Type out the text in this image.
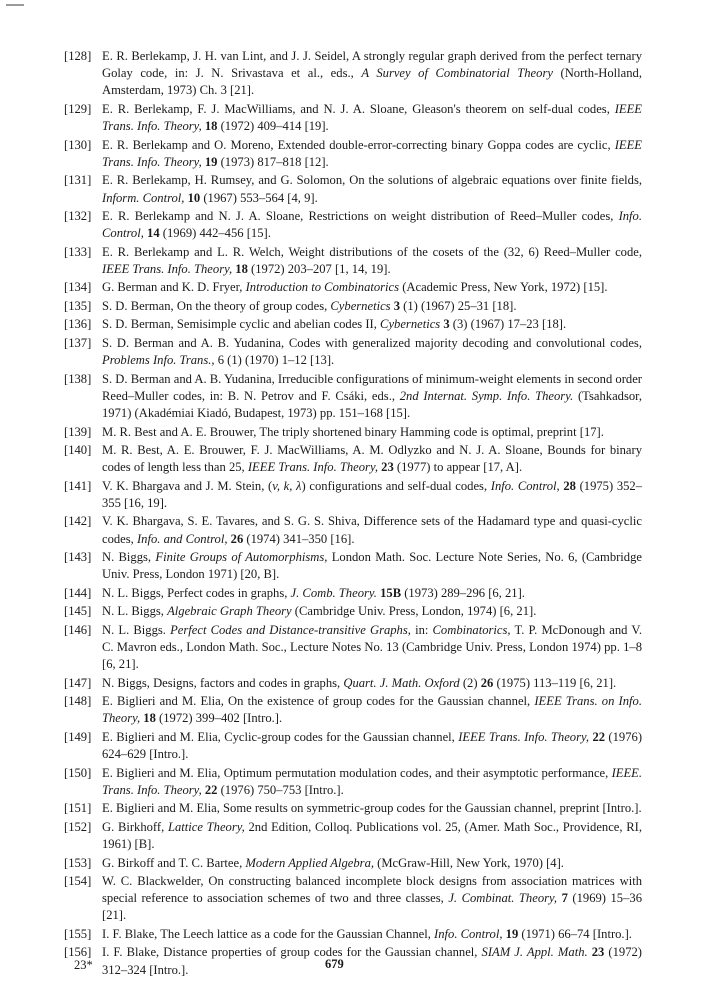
[128] E. R. Berlekamp, J. H. van Lint, and J. J. Seidel, A strongly regular graph derived from the perfect ternary Golay code, in: J. N. Srivastava et al., eds., A Survey of Combinatorial Theory (North-Holland, Amsterdam, 1973) Ch. 3 [21].
[129] E. R. Berlekamp, F. J. MacWilliams, and N. J. A. Sloane, Gleason's theorem on self-dual codes, IEEE Trans. Info. Theory, 18 (1972) 409–414 [19].
[130] E. R. Berlekamp and O. Moreno, Extended double-error-correcting binary Goppa codes are cyclic, IEEE Trans. Info. Theory, 19 (1973) 817–818 [12].
[131] E. R. Berlekamp, H. Rumsey, and G. Solomon, On the solutions of algebraic equations over finite fields, Inform. Control, 10 (1967) 553–564 [4, 9].
[132] E. R. Berlekamp and N. J. A. Sloane, Restrictions on weight distribution of Reed–Muller codes, Info. Control, 14 (1969) 442–456 [15].
[133] E. R. Berlekamp and L. R. Welch, Weight distributions of the cosets of the (32, 6) Reed–Muller code, IEEE Trans. Info. Theory, 18 (1972) 203–207 [1, 14, 19].
[134] G. Berman and K. D. Fryer, Introduction to Combinatorics (Academic Press, New York, 1972) [15].
[135] S. D. Berman, On the theory of group codes, Cybernetics 3 (1) (1967) 25–31 [18].
[136] S. D. Berman, Semisimple cyclic and abelian codes II, Cybernetics 3 (3) (1967) 17–23 [18].
[137] S. D. Berman and A. B. Yudanina, Codes with generalized majority decoding and convolutional codes, Problems Info. Trans., 6 (1) (1970) 1–12 [13].
[138] S. D. Berman and A. B. Yudanina, Irreducible configurations of minimum-weight elements in second order Reed–Muller codes, in: B. N. Petrov and F. Csáki, eds., 2nd Internat. Symp. Info. Theory. (Tsahkadsor, 1971) (Akadémiai Kiadó, Budapest, 1973) pp. 151–168 [15].
[139] M. R. Best and A. E. Brouwer, The triply shortened binary Hamming code is optimal, preprint [17].
[140] M. R. Best, A. E. Brouwer, F. J. MacWilliams, A. M. Odlyzko and N. J. A. Sloane, Bounds for binary codes of length less than 25, IEEE Trans. Info. Theory, 23 (1977) to appear [17, A].
[141] V. K. Bhargava and J. M. Stein, (v, k, λ) configurations and self-dual codes, Info. Control, 28 (1975) 352–355 [16, 19].
[142] V. K. Bhargava, S. E. Tavares, and S. G. S. Shiva, Difference sets of the Hadamard type and quasi-cyclic codes, Info. and Control, 26 (1974) 341–350 [16].
[143] N. Biggs, Finite Groups of Automorphisms, London Math. Soc. Lecture Note Series, No. 6, (Cambridge Univ. Press, London 1971) [20, B].
[144] N. L. Biggs, Perfect codes in graphs, J. Comb. Theory. 15B (1973) 289–296 [6, 21].
[145] N. L. Biggs, Algebraic Graph Theory (Cambridge Univ. Press, London, 1974) [6, 21].
[146] N. L. Biggs. Perfect Codes and Distance-transitive Graphs, in: Combinatorics, T. P. McDonough and V. C. Mavron eds., London Math. Soc., Lecture Notes No. 13 (Cambridge Univ. Press, London 1974) pp. 1–8 [6, 21].
[147] N. Biggs, Designs, factors and codes in graphs, Quart. J. Math. Oxford (2) 26 (1975) 113–119 [6, 21].
[148] E. Biglieri and M. Elia, On the existence of group codes for the Gaussian channel, IEEE Trans. on Info. Theory, 18 (1972) 399–402 [Intro.].
[149] E. Biglieri and M. Elia, Cyclic-group codes for the Gaussian channel, IEEE Trans. Info. Theory, 22 (1976) 624–629 [Intro.].
[150] E. Biglieri and M. Elia, Optimum permutation modulation codes, and their asymptotic performance, IEEE. Trans. Info. Theory, 22 (1976) 750–753 [Intro.].
[151] E. Biglieri and M. Elia, Some results on symmetric-group codes for the Gaussian channel, preprint [Intro.].
[152] G. Birkhoff, Lattice Theory, 2nd Edition, Colloq. Publications vol. 25, (Amer. Math Soc., Providence, RI, 1961) [B].
[153] G. Birkoff and T. C. Bartee, Modern Applied Algebra, (McGraw-Hill, New York, 1970) [4].
[154] W. C. Blackwelder, On constructing balanced incomplete block designs from association matrices with special reference to association schemes of two and three classes, J. Combinat. Theory, 7 (1969) 15–36 [21].
[155] I. F. Blake, The Leech lattice as a code for the Gaussian Channel, Info. Control, 19 (1971) 66–74 [Intro.].
[156] I. F. Blake, Distance properties of group codes for the Gaussian channel, SIAM J. Appl. Math. 23 (1972) 312–324 [Intro.].
23*	679
